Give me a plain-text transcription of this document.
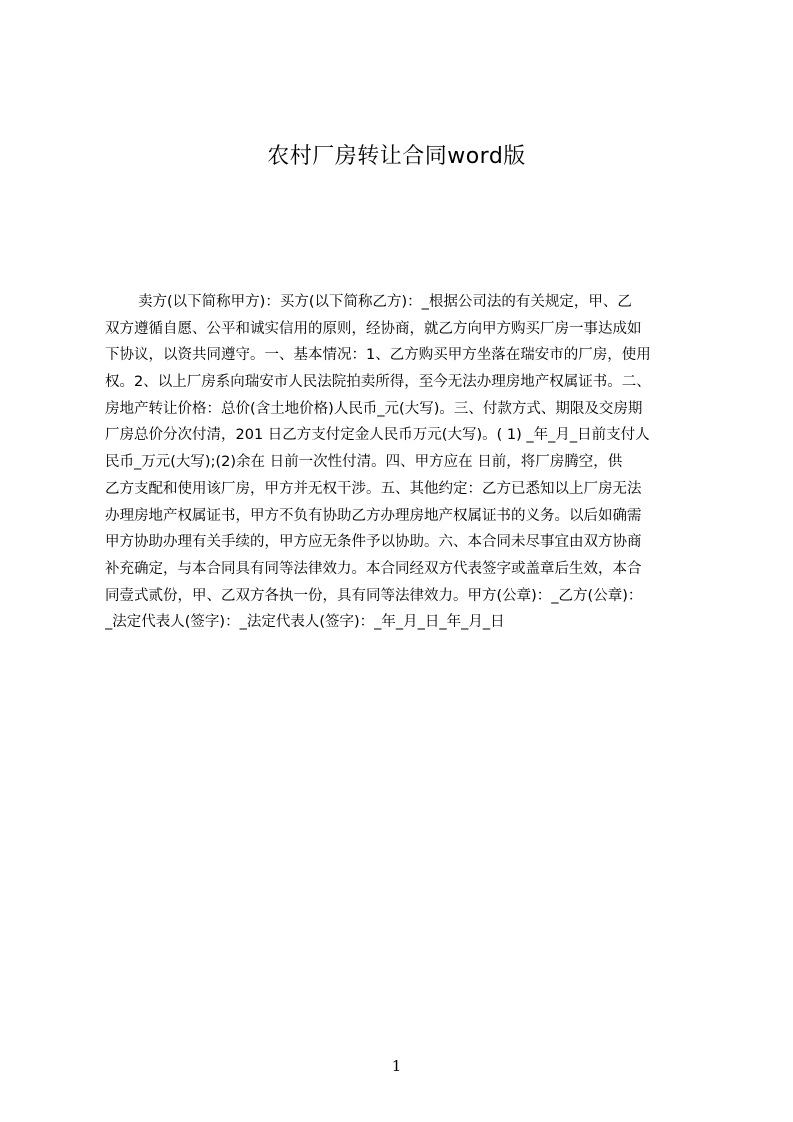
农村厂房转让合同word版
卖方(以下简称甲方)：买方(以下简称乙方)：_根据公司法的有关规定，甲、乙
双方遵循自愿、公平和诚实信用的原则，经协商，就乙方向甲方购买厂房一事达成如
下协议，以资共同遵守。一、基本情况：1、乙方购买甲方坐落在瑞安市的厂房，使用
权。2、以上厂房系向瑞安市人民法院拍卖所得，至今无法办理房地产权属证书。二、
房地产转让价格：总价(含土地价格)人民币_元(大写)。三、付款方式、期限及交房期
厂房总价分次付清，201 日乙方支付定金人民币万元(大写)。( 1) _年_月_日前支付人
民币_万元(大写);(2)余在 日前一次性付清。四、甲方应在 日前，将厂房腾空，供
乙方支配和使用该厂房，甲方并无权干涉。五、其他约定：乙方已悉知以上厂房无法
办理房地产权属证书，甲方不负有协助乙方办理房地产权属证书的义务。以后如确需
甲方协助办理有关手续的，甲方应无条件予以协助。六、本合同未尽事宜由双方协商
补充确定，与本合同具有同等法律效力。本合同经双方代表签字或盖章后生效，本合
同壹式贰份，甲、乙双方各执一份，具有同等法律效力。甲方(公章)：_乙方(公章)：
_法定代表人(签字)：_法定代表人(签字)：_年_月_日_年_月_日
1
